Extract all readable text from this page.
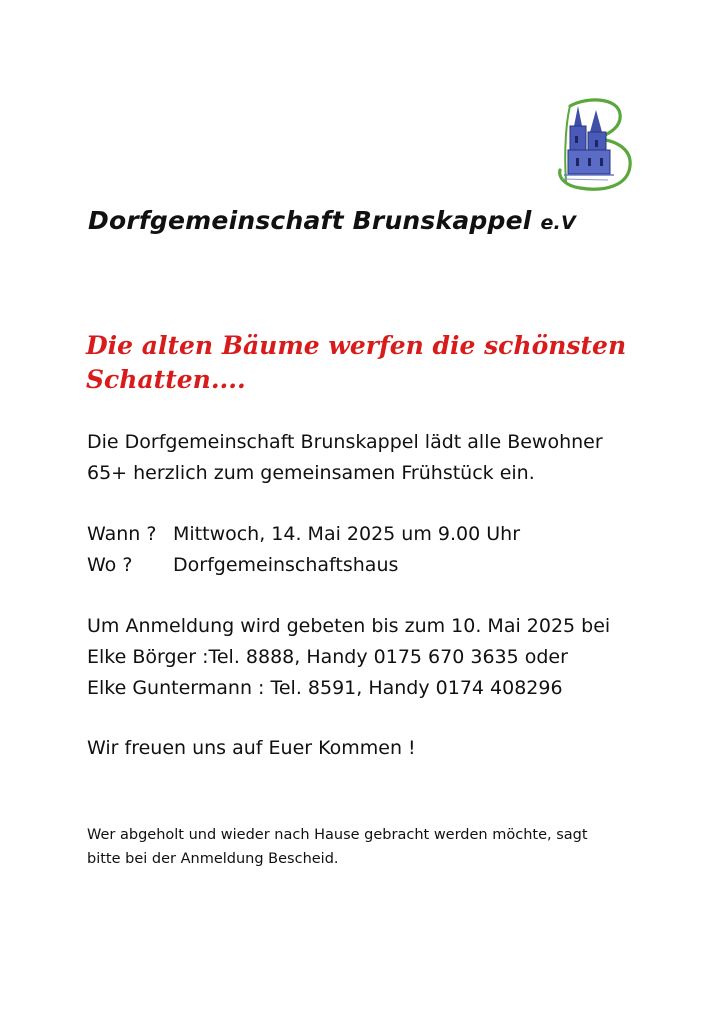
Dorfgemeinschaft Brunskappel e.V
Die alten Bäume werfen die schönsten Schatten....
Die Dorfgemeinschaft Brunskappel lädt alle Bewohner
65+ herzlich zum gemeinsamen Frühstück ein.
Wann ? Mittwoch, 14. Mai 2025 um 9.00 Uhr
Wo ?	Dorfgemeinschaftshaus
Um Anmeldung wird gebeten bis zum 10. Mai 2025 bei
Elke Börger :Tel. 8888, Handy 0175 670 3635 oder
Elke Guntermann : Tel. 8591, Handy 0174 408296
Wir freuen uns auf Euer Kommen !
Wer abgeholt und wieder nach Hause gebracht werden möchte, sagt
bitte bei der Anmeldung Bescheid.
